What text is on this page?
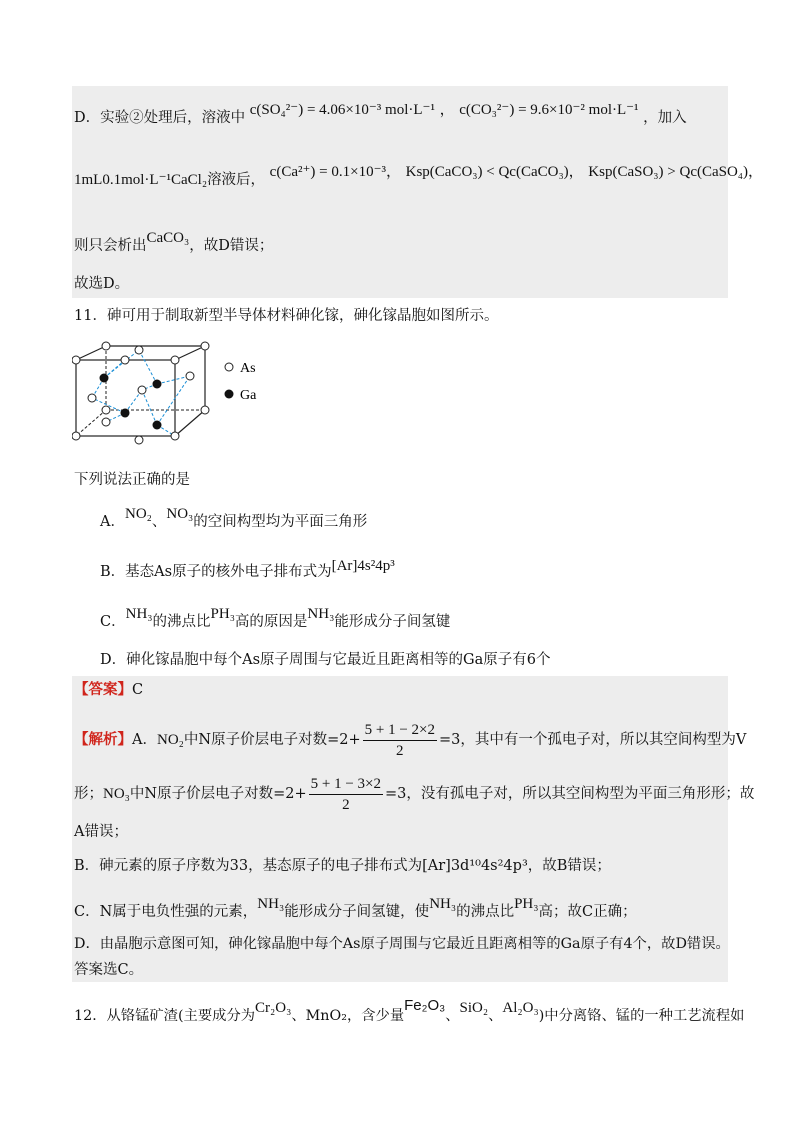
D．实验②处理后，溶液中 c(SO₄²⁻) = 4.06×10⁻³ mol·L⁻¹ ， c(CO₃²⁻) = 9.6×10⁻² mol·L⁻¹ ，加入
1mL0.1mol·L⁻¹CaCl₂溶液后， c(Ca²⁺) = 0.1×10⁻³， Ksp(CaCO₃) < Qc(CaCO₃)， Ksp(CaSO₃) > Qc(CaSO₄)，
则只会析出CaCO₃，故D错误；
故选D。
11．砷可用于制取新型半导体材料砷化镓，砷化镓晶胞如图所示。
As
Ga
下列说法正确的是
A．NO₂、NO₃的空间构型均为平面三角形
B．基态As原子的核外电子排布式为[Ar]4s²4p³
C．NH₃的沸点比PH₃高的原因是NH₃能形成分子间氢键
D．砷化镓晶胞中每个As原子周围与它最近且距离相等的Ga原子有6个
【答案】C
【解析】A．NO₂中N原子价层电子对数$=2+ \frac{5 + 1 - 2\times 2}{2} =3$，其中有一个孤电子对，所以其空间构型为V
形；NO₃中N原子价层电子对数$=2+ \frac{5 + 1 - 3\times 2}{2} =3$，没有孤电子对，所以其空间构型为平面三角形形；故
A错误；
B．砷元素的原子序数为33，基态原子的电子排布式为[Ar]3d¹⁰4s²4p³，故B错误；
C．N属于电负性强的元素，NH₃能形成分子间氢键，使NH₃的沸点比PH₃高；故C正确；
D．由晶胞示意图可知，砷化镓晶胞中每个As原子周围与它最近且距离相等的Ga原子有4个，故D错误。
答案选C。
12．从铬锰矿渣(主要成分为Cr₂O₃、MnO₂，含少量Fe₂O₃、SiO₂、Al₂O₃)中分离铬、锰的一种工艺流程如
